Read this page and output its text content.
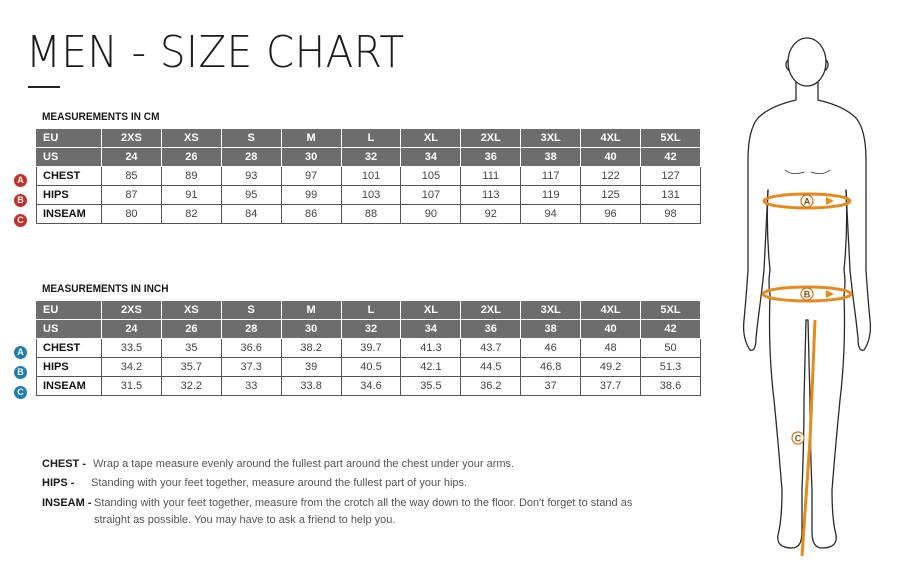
MEN - SIZE CHART
MEASUREMENTS IN CM
EU	2XS	XS	S	M	L	XL	2XL	3XL	4XL	5XL
US	24	26	28	30	32	34	36	38	40	42
CHEST	85	89	93	97	101	105	111	117	122	127
HIPS	87	91	95	99	103	107	113	119	125	131
INSEAM	80	82	84	86	88	90	92	94	96	98
A
B
C
MEASUREMENTS IN INCH
EU	2XS	XS	S	M	L	XL	2XL	3XL	4XL	5XL
US	24	26	28	30	32	34	36	38	40	42
CHEST	33.5	35	36.6	38.2	39.7	41.3	43.7	46	48	50
HIPS	34.2	35.7	37.3	39	40.5	42.1	44.5	46.8	49.2	51.3
INSEAM	31.5	32.2	33	33.8	34.6	35.5	36.2	37	37.7	38.6
A
B
C
CHEST - Wrap a tape measure evenly around the fullest part around the chest under your arms.
HIPS - Standing with your feet together, measure around the fullest part of your hips.
INSEAM - Standing with your feet together, measure from the crotch all the way down to the floor. Don't forget to stand as
straight as possible. You may have to ask a friend to help you.
A
B
C
